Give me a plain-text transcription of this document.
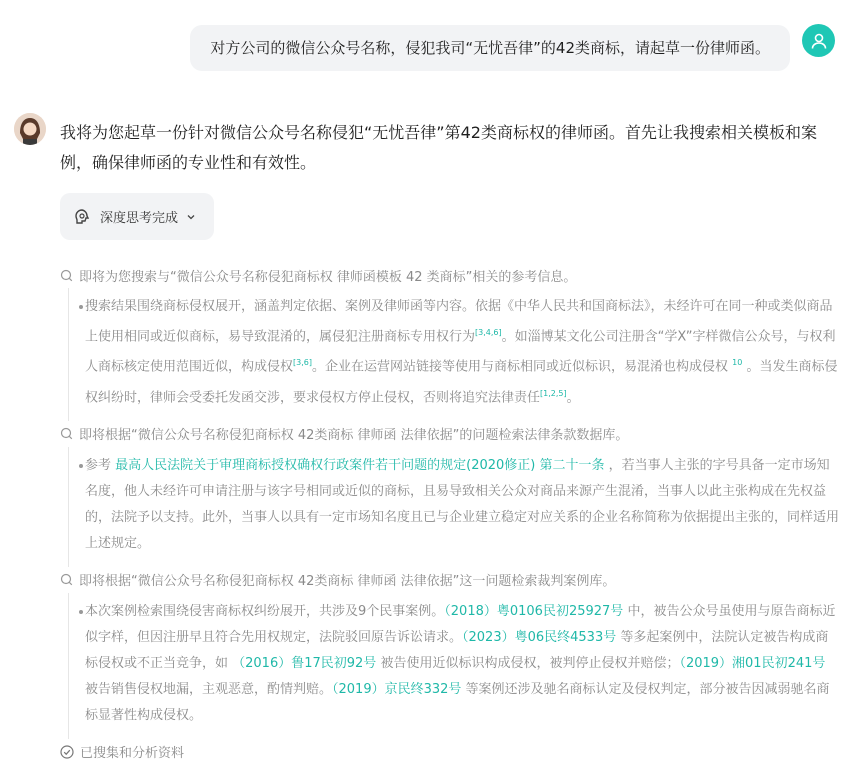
对方公司的微信公众号名称，侵犯我司“无忧吾律”的42类商标，请起草一份律师函。
我将为您起草一份针对微信公众号名称侵犯“无忧吾律”第42类商标权的律师函。首先让我搜索相关模板和案例，确保律师函的专业性和有效性。
深度思考完成
即将为您搜索与“微信公众号名称侵犯商标权 律师函模板 42 类商标”相关的参考信息。

搜索结果围绕商标侵权展开，涵盖判定依据、案例及律师函等内容。依据《中华人民共和国商标法》，未经许可在同一种或类似商品上使用相同或近似商标，易导致混淆的，属侵犯注册商标专用权行为[3,4,6]。如淄博某文化公司注册含“学X”字样微信公众号，与权利人商标核定使用范围近似，构成侵权[3,6]。企业在运营网站链接等使用与商标相同或近似标识，易混淆也构成侵权 $^{10}$ 。当发生商标侵权纠纷时，律师会受委托发函交涉，要求侵权方停止侵权，否则将追究法律责任[1,2,5]。

即将根据“微信公众号名称侵犯商标权 42类商标 律师函 法律依据”的问题检索法律条款数据库。

参考 最高人民法院关于审理商标授权确权行政案件若干问题的规定(2020修正) 第二十一条 ，若当事人主张的字号具备一定市场知名度，他人未经许可申请注册与该字号相同或近似的商标，且易导致相关公众对商品来源产生混淆，当事人以此主张构成在先权益的，法院予以支持。此外，当事人以具有一定市场知名度且已与企业建立稳定对应关系的企业名称简称为依据提出主张的，同样适用上述规定。

即将根据“微信公众号名称侵犯商标权 42类商标 律师函 法律依据”这一问题检索裁判案例库。

本次案例检索围绕侵害商标权纠纷展开，共涉及9个民事案例。（2018）粤0106民初25927号 中，被告公众号虽使用与原告商标近似字样，但因注册早且符合先用权规定，法院驳回原告诉讼请求。（2023）粤06民终4533号 等多起案例中，法院认定被告构成商标侵权或不正当竞争，如 （2016）鲁17民初92号 被告使用近似标识构成侵权，被判停止侵权并赔偿；（2019）湘01民初241号 被告销售侵权地漏，主观恶意，酌情判赔。（2019）京民终332号 等案例还涉及驰名商标认定及侵权判定，部分被告因减弱驰名商标显著性构成侵权。

已搜集和分析资料
